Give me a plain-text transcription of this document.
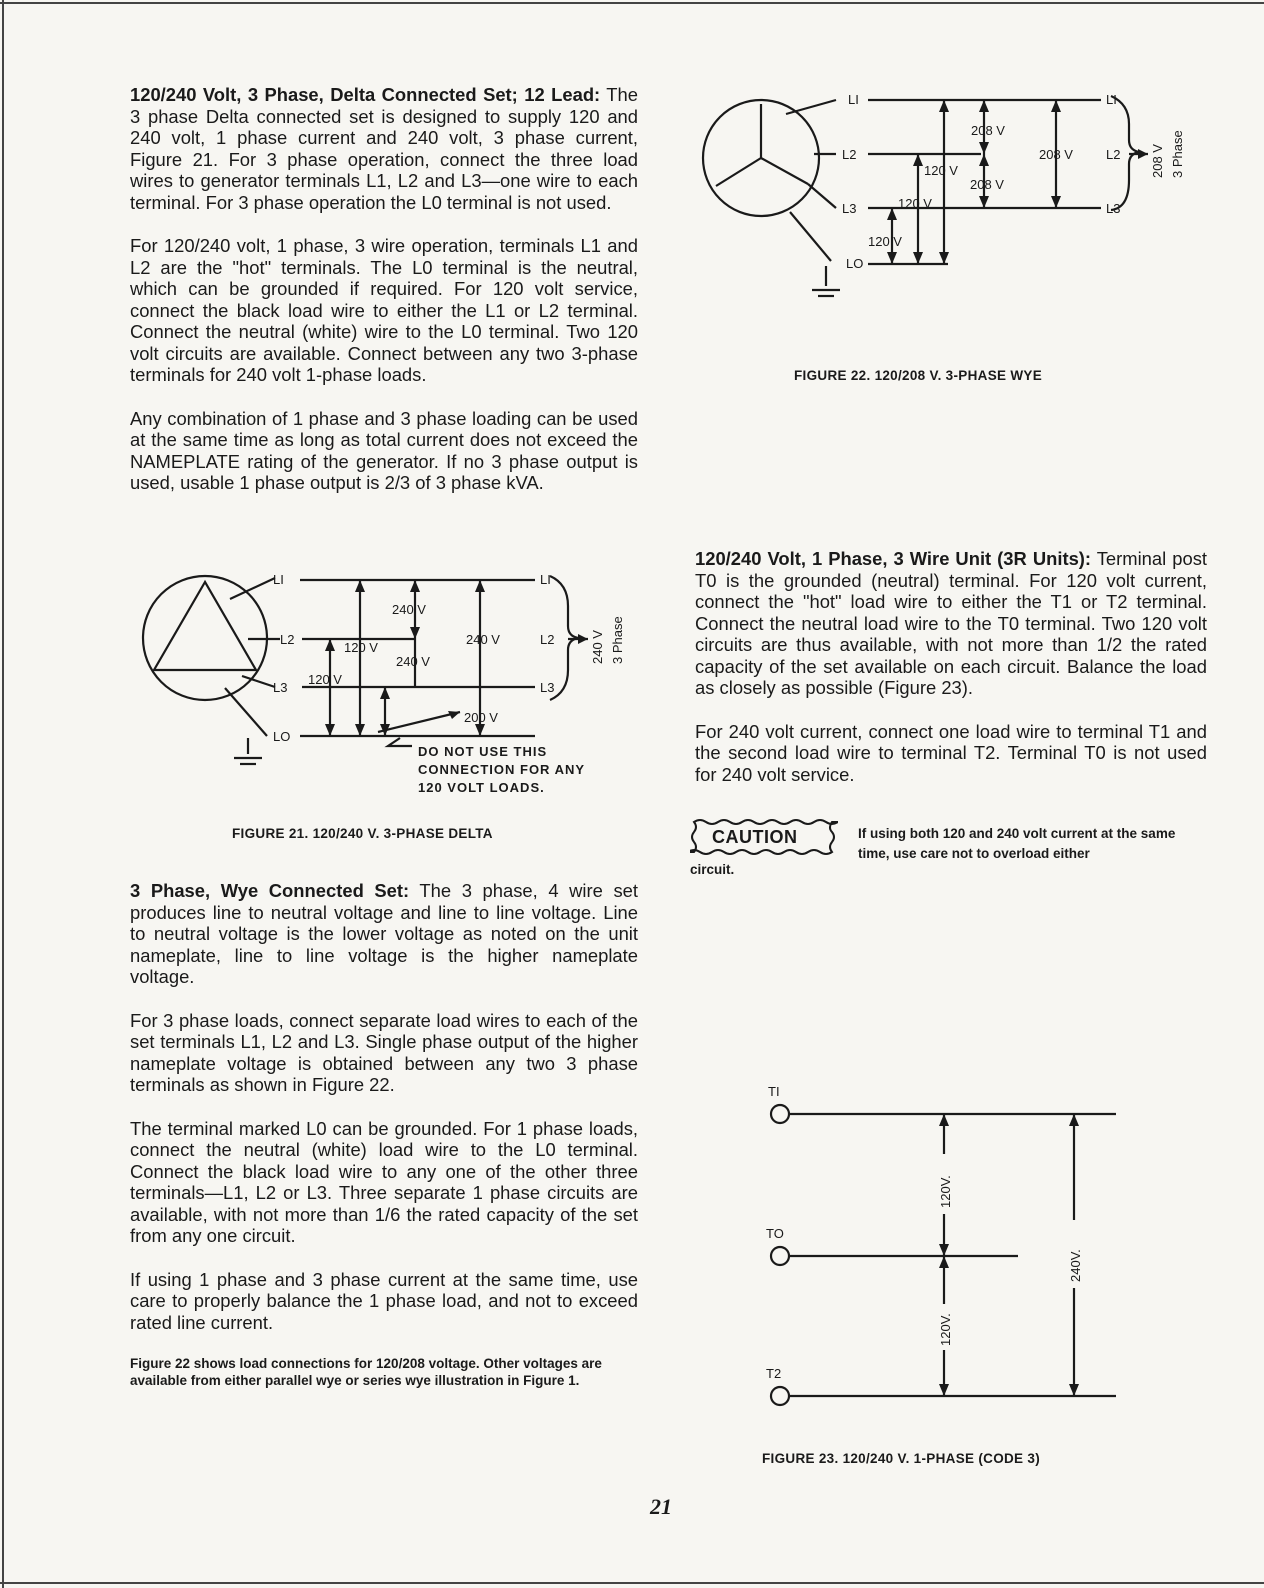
120/240 Volt, 3 Phase, Delta Connected Set; 12 Lead: The 3 phase Delta connected set is designed to supply 120 and 240 volt, 1 phase current and 240 volt, 3 phase current, Figure 21. For 3 phase operation, connect the three load wires to generator terminals L1, L2 and L3—one wire to each terminal. For 3 phase operation the L0 terminal is not used.

For 120/240 volt, 1 phase, 3 wire operation, terminals L1 and L2 are the "hot" terminals. The L0 terminal is the neutral, which can be grounded if required. For 120 volt service, connect the black load wire to either the L1 or L2 terminal. Connect the neutral (white) wire to the L0 terminal. Two 120 volt circuits are available. Connect between any two 3-phase terminals for 240 volt 1-phase loads.

Any combination of 1 phase and 3 phase loading can be used at the same time as long as total current does not exceed the NAMEPLATE rating of the generator. If no 3 phase output is used, usable 1 phase output is 2/3 of 3 phase kVA.

3 Phase, Wye Connected Set: The 3 phase, 4 wire set produces line to neutral voltage and line to line voltage. Line to neutral voltage is the lower voltage as noted on the unit nameplate, line to line voltage is the higher nameplate voltage.

For 3 phase loads, connect separate load wires to each of the set terminals L1, L2 and L3. Single phase output of the higher nameplate voltage is obtained between any two 3 phase terminals as shown in Figure 22.

The terminal marked L0 can be grounded. For 1 phase loads, connect the neutral (white) load wire to the L0 terminal. Connect the black load wire to any one of the other three terminals—L1, L2 or L3. Three separate 1 phase circuits are available, with not more than 1/6 the rated capacity of the set from any one circuit.

If using 1 phase and 3 phase current at the same time, use care to properly balance the 1 phase load, and not to exceed rated line current.

Figure 22 shows load connections for 120/208 voltage. Other voltages are available from either parallel wye or series wye illustration in Figure 1.

120/240 Volt, 1 Phase, 3 Wire Unit (3R Units): Terminal post T0 is the grounded (neutral) terminal. For 120 volt current, connect the "hot" load wire to either the T1 or T2 terminal. Connect the neutral load wire to the T0 terminal. Two 120 volt circuits are thus available, with not more than 1/2 the rated capacity of the set available on each circuit. Balance the load as closely as possible (Figure 23).

For 240 volt current, connect one load wire to terminal T1 and the second load wire to terminal T2. Terminal T0 is not used for 240 volt service.

CAUTION	If using both 120 and 240 volt current at the same time, use care not to overload either
circuit.
LI
L2
L3
LO
LI
L2
L3
240 V
240 V
240 V
120 V
120 V
200 V
240 V 3 Phase
DO NOT USE THIS
CONNECTION FOR ANY
120 VOLT LOADS.
FIGURE 21. 120/240 V. 3-PHASE DELTA
LI
L2
L3
LO
LI
L2
L3
208 V
208 V
208 V
120 V
120 V
120 V
208 V 3 Phase
FIGURE 22. 120/208 V. 3-PHASE WYE
TI
TO
T2
120V.
120V.
240V.
FIGURE 23. 120/240 V. 1-PHASE (CODE 3)
21
